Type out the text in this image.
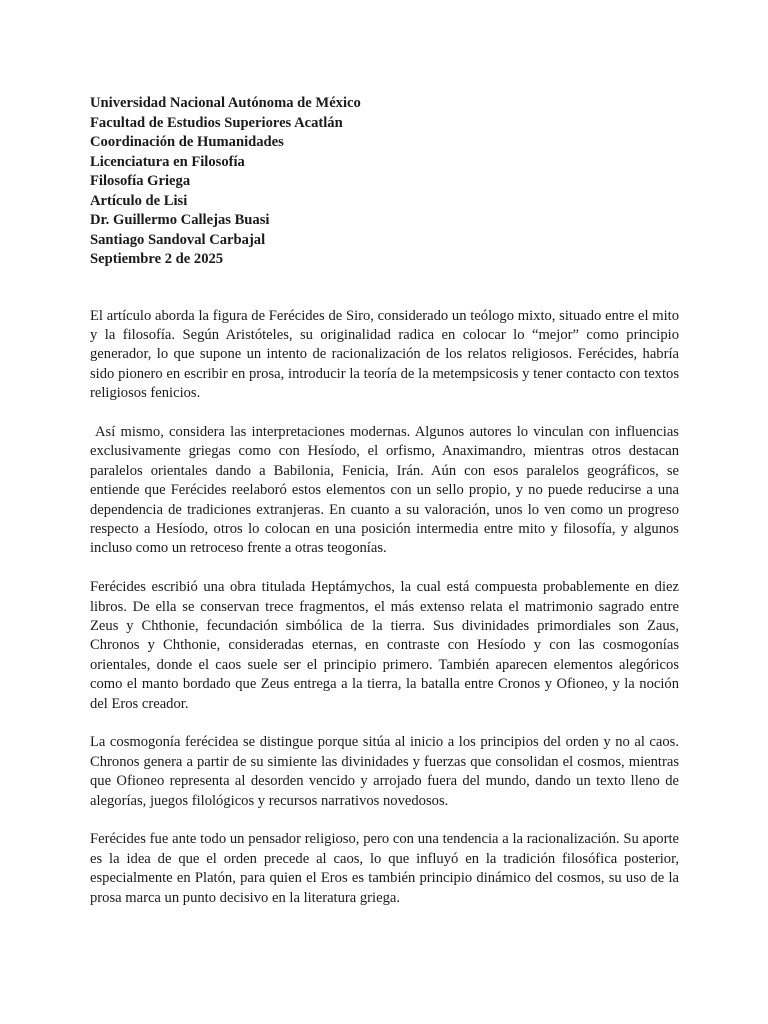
Universidad Nacional Autónoma de México
Facultad de Estudios Superiores Acatlán
Coordinación de Humanidades
Licenciatura en Filosofía
Filosofía Griega
Artículo de Lisi
Dr. Guillermo Callejas Buasi
Santiago Sandoval Carbajal
Septiembre 2 de 2025

El artículo aborda la figura de Ferécides de Siro, considerado un teólogo mixto, situado entre el mito y la filosofía. Según Aristóteles, su originalidad radica en colocar lo “mejor” como principio generador, lo que supone un intento de racionalización de los relatos religiosos. Ferécides, habría sido pionero en escribir en prosa, introducir la teoría de la metempsicosis y tener contacto con textos religiosos fenicios.

Así mismo, considera las interpretaciones modernas. Algunos autores lo vinculan con influencias exclusivamente griegas como con Hesíodo, el orfismo, Anaximandro, mientras otros destacan paralelos orientales dando a Babilonia, Fenicia, Irán. Aún con esos paralelos geográficos, se entiende que Ferécides reelaboró estos elementos con un sello propio, y no puede reducirse a una dependencia de tradiciones extranjeras. En cuanto a su valoración, unos lo ven como un progreso respecto a Hesíodo, otros lo colocan en una posición intermedia entre mito y filosofía, y algunos incluso como un retroceso frente a otras teogonías.

Ferécides escribió una obra titulada Heptámychos, la cual está compuesta probablemente en diez libros. De ella se conservan trece fragmentos, el más extenso relata el matrimonio sagrado entre Zeus y Chthonie, fecundación simbólica de la tierra. Sus divinidades primordiales son Zaus, Chronos y Chthonie, consideradas eternas, en contraste con Hesíodo y con las cosmogonías orientales, donde el caos suele ser el principio primero. También aparecen elementos alegóricos como el manto bordado que Zeus entrega a la tierra, la batalla entre Cronos y Ofioneo, y la noción del Eros creador.

La cosmogonía ferécidea se distingue porque sitúa al inicio a los principios del orden y no al caos. Chronos genera a partir de su simiente las divinidades y fuerzas que consolidan el cosmos, mientras que Ofioneo representa al desorden vencido y arrojado fuera del mundo, dando un texto lleno de alegorías, juegos filológicos y recursos narrativos novedosos.

Ferécides fue ante todo un pensador religioso, pero con una tendencia a la racionalización. Su aporte es la idea de que el orden precede al caos, lo que influyó en la tradición filosófica posterior, especialmente en Platón, para quien el Eros es también principio dinámico del cosmos, su uso de la prosa marca un punto decisivo en la literatura griega.
